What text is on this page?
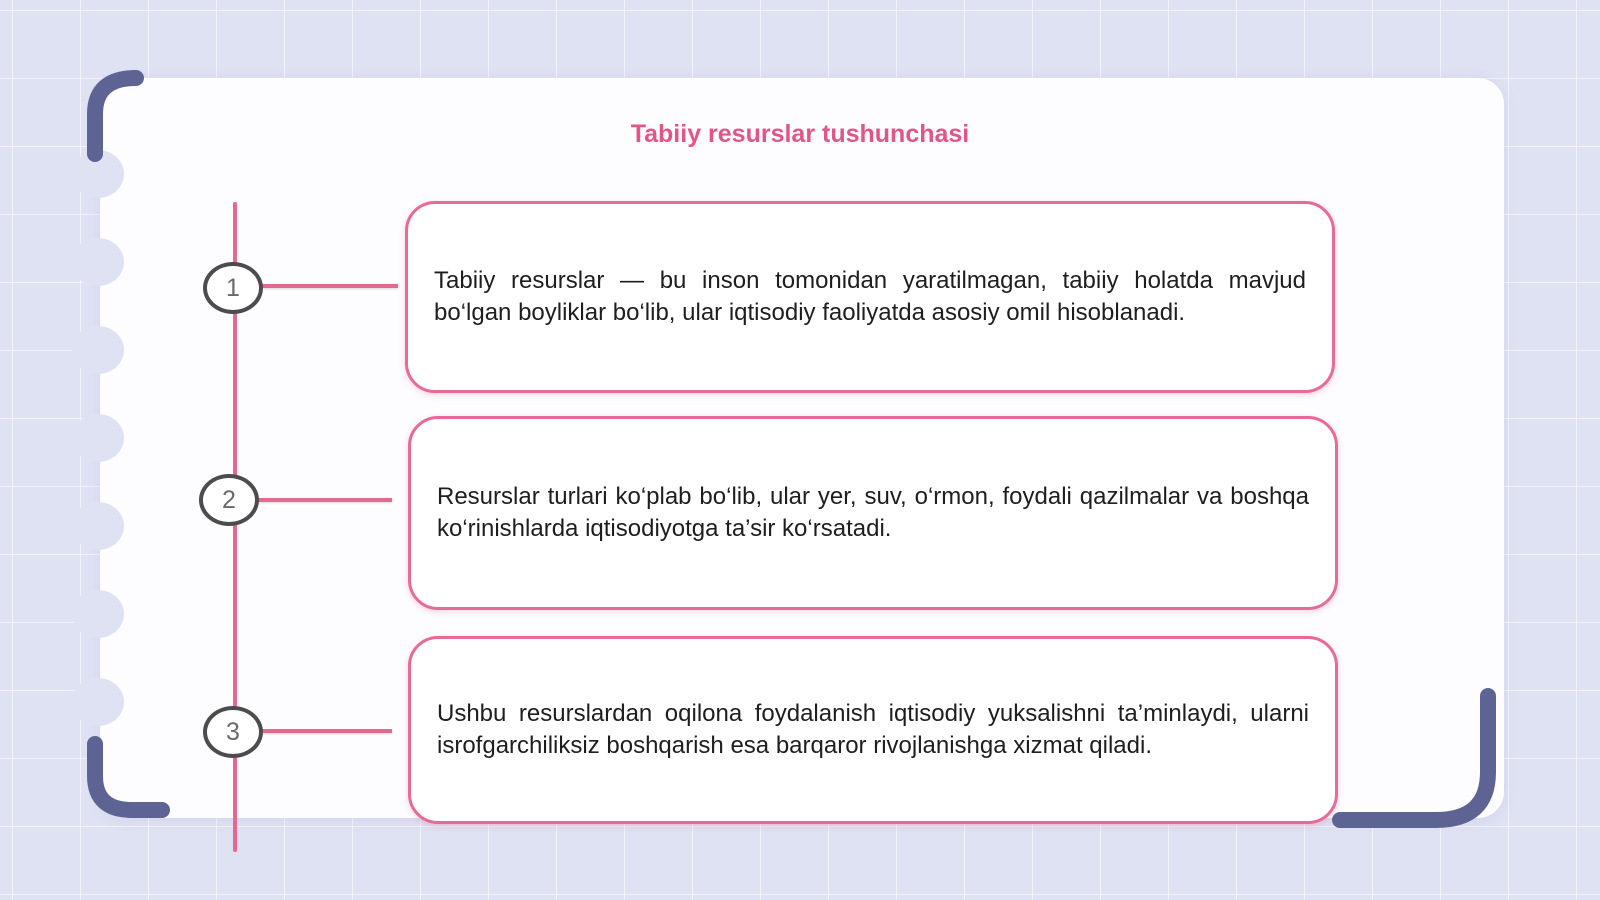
Tabiiy resurslar tushunchasi
1
2
3

Tabiiy resurslar — bu inson tomonidan yaratilmagan, tabiiy holatda mavjud bo‘lgan boyliklar bo‘lib, ular iqtisodiy faoliyatda asosiy omil hisoblanadi.

Resurslar turlari ko‘plab bo‘lib, ular yer, suv, o‘rmon, foydali qazilmalar va boshqa ko‘rinishlarda iqtisodiyotga ta’sir ko‘rsatadi.

Ushbu resurslardan oqilona foydalanish iqtisodiy yuksalishni ta’minlaydi, ularni isrofgarchiliksiz boshqarish esa barqaror rivojlanishga xizmat qiladi.
